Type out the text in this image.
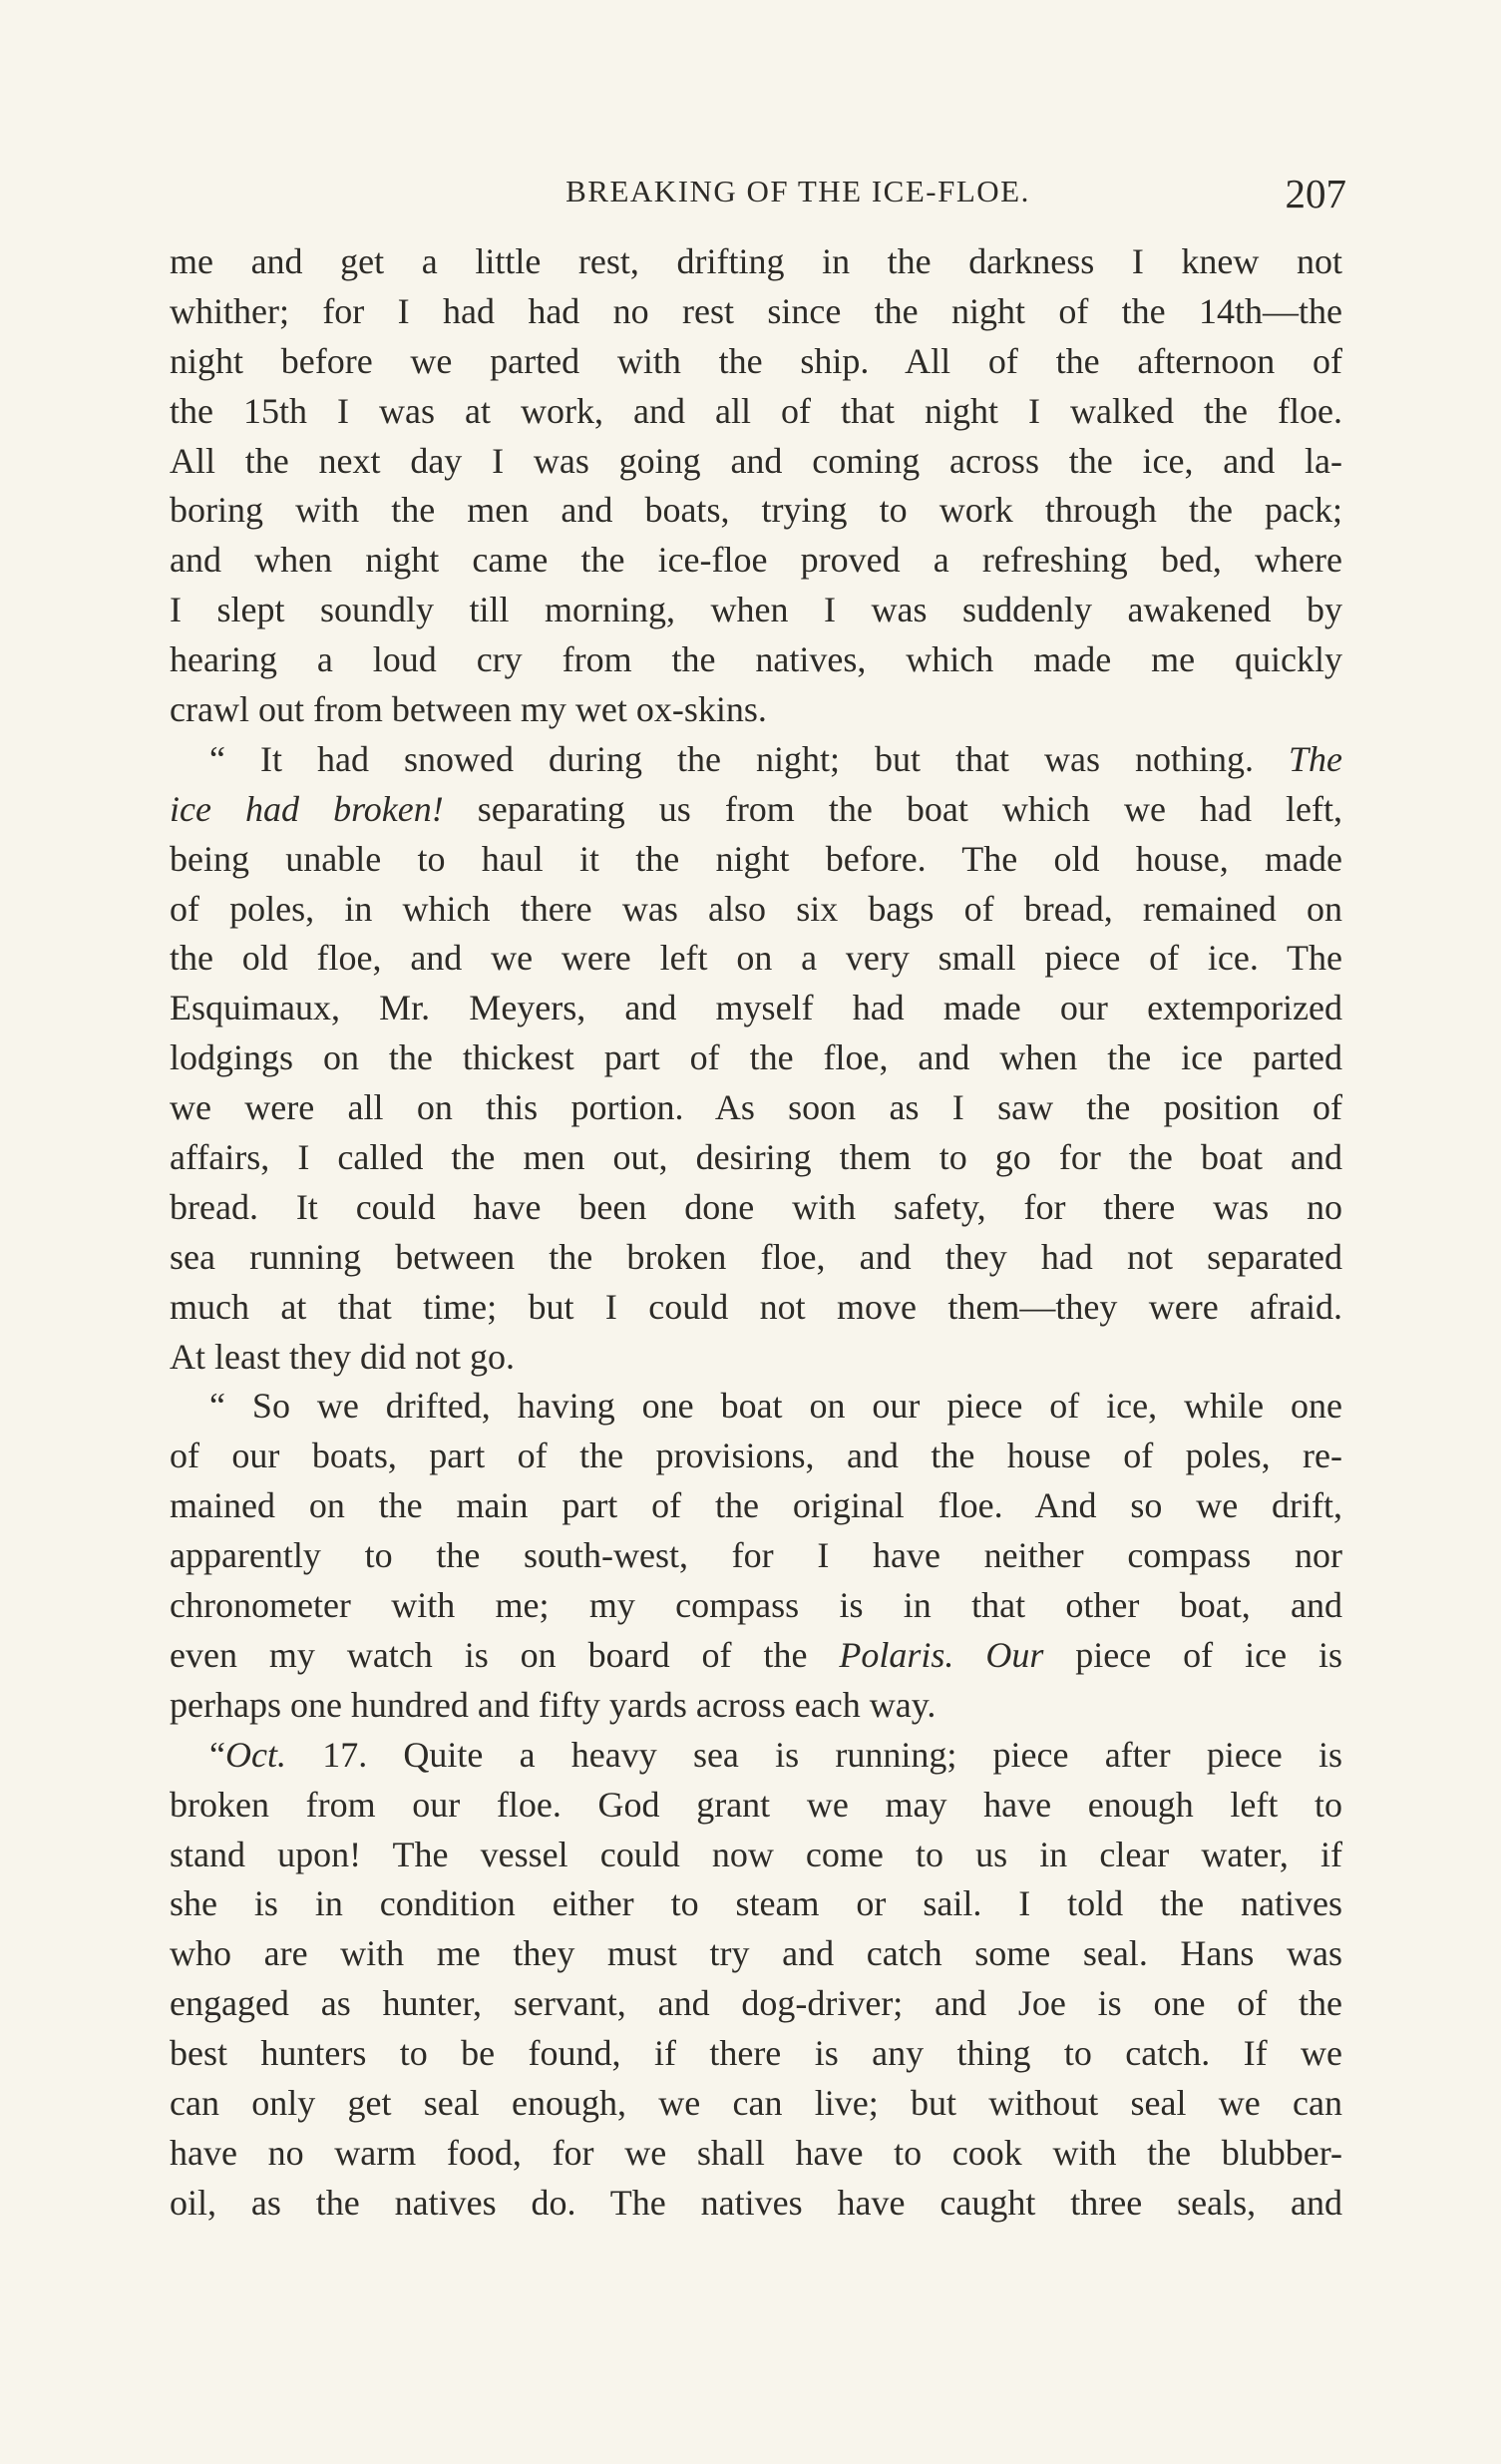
BREAKING OF THE ICE-FLOE.	207
me and get a little rest, drifting in the darkness I knew not
whither; for I had had no rest since the night of the 14th—the
night before we parted with the ship. All of the afternoon of
the 15th I was at work, and all of that night I walked the floe.
All the next day I was going and coming across the ice, and la-
boring with the men and boats, trying to work through the pack;
and when night came the ice-floe proved a refreshing bed, where
I slept soundly till morning, when I was suddenly awakened by
hearing a loud cry from the natives, which made me quickly
crawl out from between my wet ox-skins.
“ It had snowed during the night; but that was nothing. The
ice had broken! separating us from the boat which we had left,
being unable to haul it the night before. The old house, made
of poles, in which there was also six bags of bread, remained on
the old floe, and we were left on a very small piece of ice. The
Esquimaux, Mr. Meyers, and myself had made our extemporized
lodgings on the thickest part of the floe, and when the ice parted
we were all on this portion. As soon as I saw the position of
affairs, I called the men out, desiring them to go for the boat and
bread. It could have been done with safety, for there was no
sea running between the broken floe, and they had not separated
much at that time; but I could not move them—they were afraid.
At least they did not go.
“ So we drifted, having one boat on our piece of ice, while one
of our boats, part of the provisions, and the house of poles, re-
mained on the main part of the original floe. And so we drift,
apparently to the south-west, for I have neither compass nor
chronometer with me; my compass is in that other boat, and
even my watch is on board of the Polaris. Our piece of ice is
perhaps one hundred and fifty yards across each way.
“Oct. 17. Quite a heavy sea is running; piece after piece is
broken from our floe. God grant we may have enough left to
stand upon! The vessel could now come to us in clear water, if
she is in condition either to steam or sail. I told the natives
who are with me they must try and catch some seal. Hans was
engaged as hunter, servant, and dog-driver; and Joe is one of the
best hunters to be found, if there is any thing to catch. If we
can only get seal enough, we can live; but without seal we can
have no warm food, for we shall have to cook with the blubber-
oil, as the natives do. The natives have caught three seals, and
